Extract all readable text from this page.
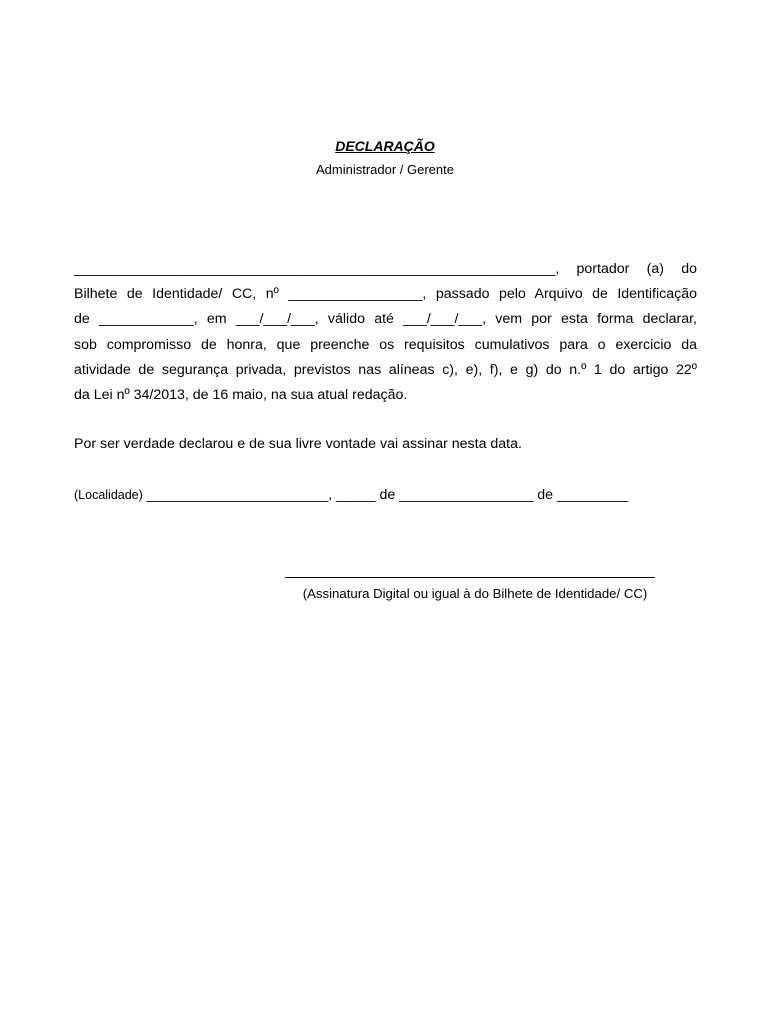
DECLARAÇÃO
Administrador / Gerente
_____________________________________________________________, portador (a) do
Bilhete de Identidade/ CC, nº _________________, passado pelo Arquivo de Identificação
de ____________, em ___/___/___, válido até ___/___/___, vem por esta forma declarar,
sob compromisso de honra, que preenche os requisitos cumulativos para o exercicio da
atividade de segurança privada, previstos nas alíneas c), e), f), e g) do n.º 1 do artigo 22º
da Lei nº 34/2013, de 16 maio, na sua atual redação.
Por ser verdade declarou e de sua livre vontade vai assinar nesta data.
(Localidade) _______________________, _____ de _________________ de _________
(Assinatura Digital ou igual à do Bilhete de Identidade/ CC)
